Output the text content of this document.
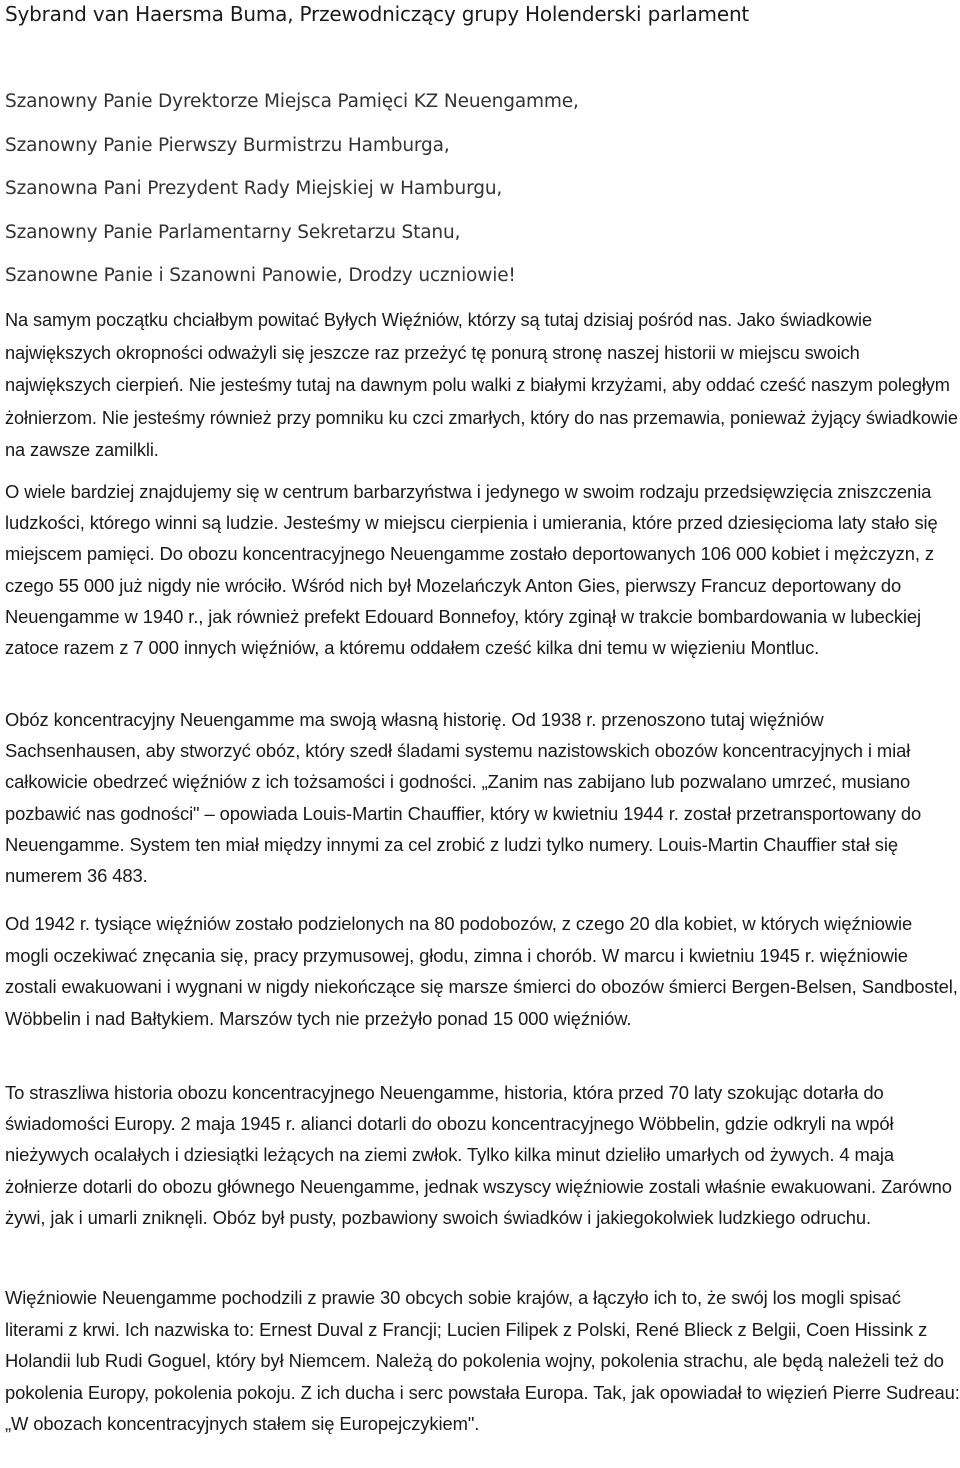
Sybrand van Haersma Buma, Przewodniczący grupy Holenderski parlament
Szanowny Panie Dyrektorze Miejsca Pamięci KZ Neuengamme,
Szanowny Panie Pierwszy Burmistrzu Hamburga,
Szanowna Pani Prezydent Rady Miejskiej w Hamburgu,
Szanowny Panie Parlamentarny Sekretarzu Stanu,
Szanowne Panie i Szanowni Panowie, Drodzy uczniowie!

Na samym początku chciałbym powitać Byłych Więźniów, którzy są tutaj dzisiaj pośród nas. Jako świadkowie największych okropności odważyli się jeszcze raz przeżyć tę ponurą stronę naszej historii w miejscu swoich największych cierpień. Nie jesteśmy tutaj na dawnym polu walki z białymi krzyżami, aby oddać cześć naszym poległym żołnierzom. Nie jesteśmy również przy pomniku ku czci zmarłych, który do nas przemawia, ponieważ żyjący świadkowie na zawsze zamilkli.

O wiele bardziej znajdujemy się w centrum barbarzyństwa i jedynego w swoim rodzaju przedsięwzięcia zniszczenia ludzkości, którego winni są ludzie. Jesteśmy w miejscu cierpienia i umierania, które przed dziesięcioma laty stało się miejscem pamięci. Do obozu koncentracyjnego Neuengamme zostało deportowanych 106 000 kobiet i mężczyzn, z czego 55 000 już nigdy nie wróciło. Wśród nich był Mozelańczyk Anton Gies, pierwszy Francuz deportowany do Neuengamme w 1940 r., jak również prefekt Edouard Bonnefoy, który zginął w trakcie bombardowania w lubeckiej zatoce razem z 7 000 innych więźniów, a któremu oddałem cześć kilka dni temu w więzieniu Montluc.

Obóz koncentracyjny Neuengamme ma swoją własną historię. Od 1938 r. przenoszono tutaj więźniów Sachsenhausen, aby stworzyć obóz, który szedł śladami systemu nazistowskich obozów koncentracyjnych i miał całkowicie obedrzeć więźniów z ich tożsamości i godności. „Zanim nas zabijano lub pozwalano umrzeć, musiano pozbawić nas godności" – opowiada Louis-Martin Chauffier, który w kwietniu 1944 r. został przetransportowany do Neuengamme. System ten miał między innymi za cel zrobić z ludzi tylko numery. Louis-Martin Chauffier stał się numerem 36 483.

Od 1942 r. tysiące więźniów zostało podzielonych na 80 podobozów, z czego 20 dla kobiet, w których więźniowie mogli oczekiwać znęcania się, pracy przymusowej, głodu, zimna i chorób. W marcu i kwietniu 1945 r. więźniowie zostali ewakuowani i wygnani w nigdy niekończące się marsze śmierci do obozów śmierci Bergen-Belsen, Sandbostel, Wöbbelin i nad Bałtykiem. Marszów tych nie przeżyło ponad 15 000 więźniów.

To straszliwa historia obozu koncentracyjnego Neuengamme, historia, która przed 70 laty szokując dotarła do świadomości Europy. 2 maja 1945 r. alianci dotarli do obozu koncentracyjnego Wöbbelin, gdzie odkryli na wpół nieżywych ocalałych i dziesiątki leżących na ziemi zwłok. Tylko kilka minut dzieliło umarłych od żywych. 4 maja żołnierze dotarli do obozu głównego Neuengamme, jednak wszyscy więźniowie zostali właśnie ewakuowani. Zarówno żywi, jak i umarli zniknęli. Obóz był pusty, pozbawiony swoich świadków i jakiegokolwiek ludzkiego odruchu.

Więźniowie Neuengamme pochodzili z prawie 30 obcych sobie krajów, a łączyło ich to, że swój los mogli spisać literami z krwi. Ich nazwiska to: Ernest Duval z Francji; Lucien Filipek z Polski, René Blieck z Belgii, Coen Hissink z Holandii lub Rudi Goguel, który był Niemcem. Należą do pokolenia wojny, pokolenia strachu, ale będą należeli też do pokolenia Europy, pokolenia pokoju. Z ich ducha i serc powstała Europa. Tak, jak opowiadał to więzień Pierre Sudreau: „W obozach koncentracyjnych stałem się Europejczykiem".
